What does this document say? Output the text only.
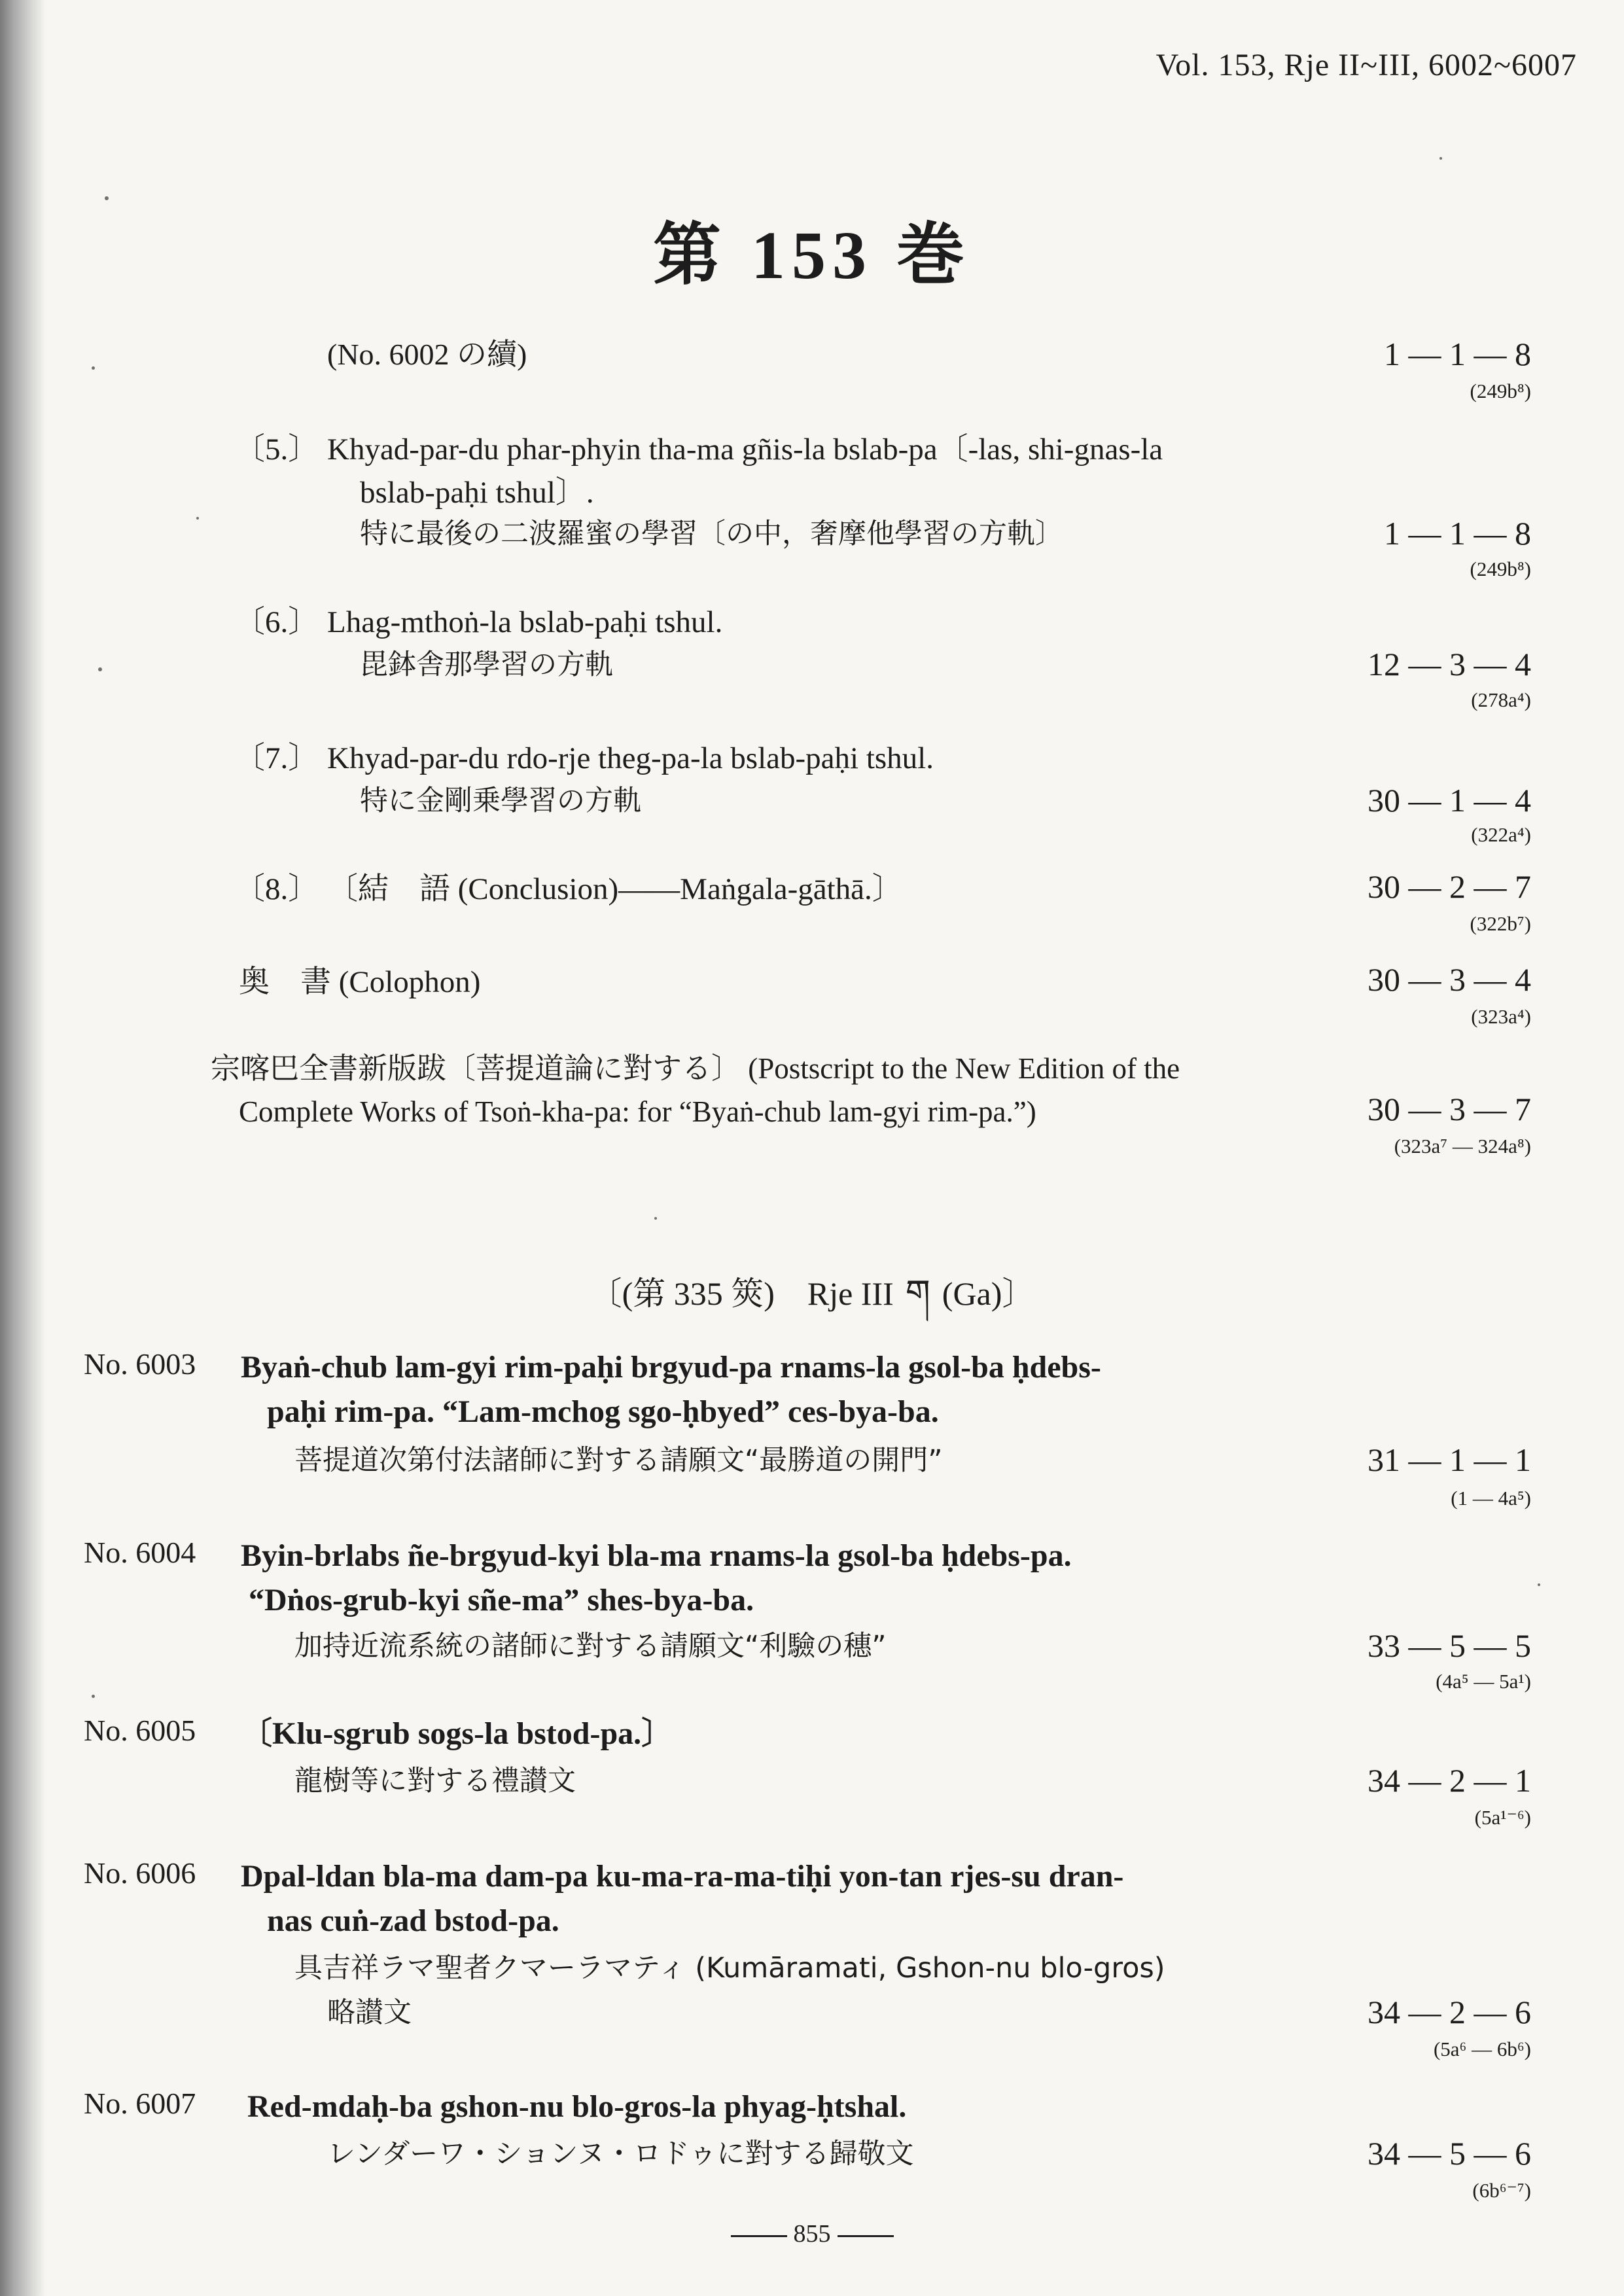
Vol. 153, Rje II~III, 6002~6007
第 153 巻
(No. 6002 の續)	1 — 1 — 8
(249b⁸)
〔5.〕 Khyad-par-du phar-phyin tha-ma gñis-la bslab-pa〔-las, shi-gnas-la
bslab-paḥi tshul〕.
特に最後の二波羅蜜の學習〔の中，奢摩他學習の方軌〕	1 — 1 — 8
(249b⁸)
〔6.〕 Lhag-mthoṅ-la bslab-paḥi tshul.
毘鉢舎那學習の方軌	12 — 3 — 4
(278a⁴)
〔7.〕 Khyad-par-du rdo-rje theg-pa-la bslab-paḥi tshul.
特に金剛乗學習の方軌	30 — 1 — 4
(322a⁴)
〔8.〕 〔結　語 (Conclusion)——Maṅgala-gāthā.〕	30 — 2 — 7
(322b⁷)
奥　書 (Colophon)	30 — 3 — 4
(323a⁴)
宗喀巴全書新版跋〔菩提道論に對する〕 (Postscript to the New Edition of the
Complete Works of Tsoṅ-kha-pa: for “Byaṅ-chub lam-gyi rim-pa.”)	30 — 3 — 7
(323a⁷ — 324a⁸)
〔(第 335 筴)　Rje III ག (Ga)〕
No. 6003 Byaṅ-chub lam-gyi rim-paḥi brgyud-pa rnams-la gsol-ba ḥdebs-
paḥi rim-pa. “Lam-mchog sgo-ḥbyed” ces-bya-ba.
菩提道次第付法諸師に對する請願文“最勝道の開門”	31 — 1 — 1
(1 — 4a⁵)
No. 6004 Byin-brlabs ñe-brgyud-kyi bla-ma rnams-la gsol-ba ḥdebs-pa.
“Dṅos-grub-kyi sñe-ma” shes-bya-ba.
加持近流系統の諸師に對する請願文“利驗の穗”	33 — 5 — 5
(4a⁵ — 5a¹)
No. 6005 〔Klu-sgrub sogs-la bstod-pa.〕
龍樹等に對する禮讃文	34 — 2 — 1
(5a¹⁻⁶)
No. 6006 Dpal-ldan bla-ma dam-pa ku-ma-ra-ma-tiḥi yon-tan rjes-su dran-
nas cuṅ-zad bstod-pa.
具吉祥ラマ聖者クマーラマティ (Kumāramati, Gshon-nu blo-gros)
略讃文	34 — 2 — 6
(5a⁶ — 6b⁶)
No. 6007 Red-mdaḥ-ba gshon-nu blo-gros-la phyag-ḥtshal.
レンダーワ・ションヌ・ロドゥに對する歸敬文	34 — 5 — 6
(6b⁶⁻⁷)
855
